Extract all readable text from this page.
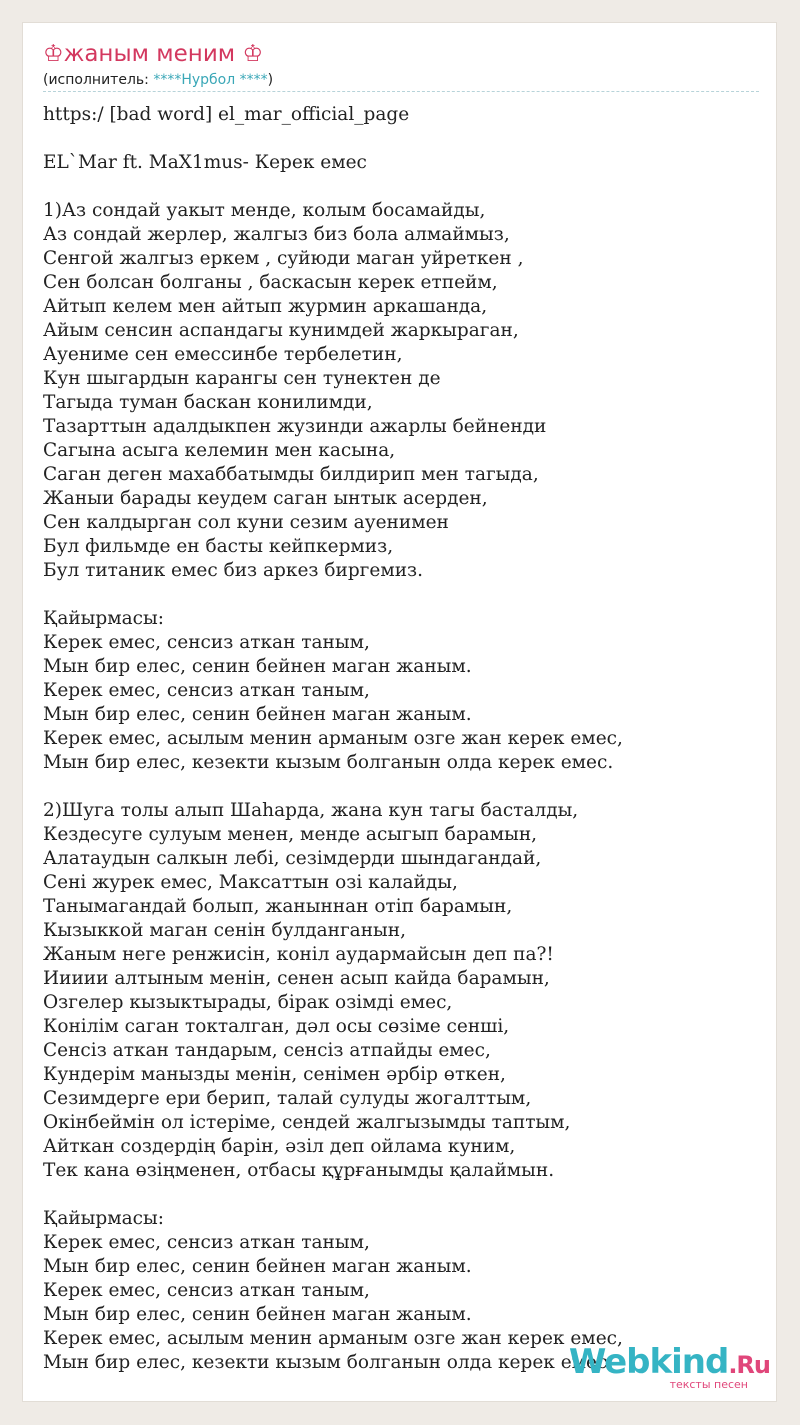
♔жаным меним ♔
(исполнитель: ****Нурбол ****)
https:/ [bad word] el_mar_official_page

EL`Mar ft. MaX1mus- Керек емес

1)Аз сондай уакыт менде, колым босамайды,
Аз сондай жерлер, жалгыз биз бола алмаймыз,
Сенгой жалгыз еркем , суйюди маган уйреткен ,
Сен болсан болганы , баскасын керек етпейм,
Айтып келем мен айтып журмин аркашанда,
Айым сенсин аспандагы кунимдей жаркыраган,
Ауениме сен емессинбе тербелетин,
Кун шыгардын карангы сен тунектен де
Тагыда туман баскан конилимди,
Тазарттын адалдыкпен жузинди ажарлы бейненди
Сагына асыга келемин мен касына,
Саган деген махаббатымды билдирип мен тагыда,
Жаныи барады кеудем саган ынтык асерден,
Сен калдырган сол куни сезим ауенимен
Бул фильмде ен басты кейпкермиз,
Бул титаник емес биз аркез биргемиз.

Қайырмасы:
Керек емес, сенсиз аткан таным,
Мын бир елес, сенин бейнен маган жаным.
Керек емес, сенсиз аткан таным,
Мын бир елес, сенин бейнен маган жаным.
Керек емес, асылым менин арманым озге жан керек емес,
Мын бир елес, кезекти кызым болганын олда керек емес.

2)Шуга толы алып Шаhарда, жана кун тагы басталды,
Кездесуге сулуым менен, менде асыгып барамын,
Алатаудын салкын лебі, сезімдерди шындагандай,
Сені журек емес, Максаттын озі калайды,
Танымагандай болып, жаныннан отіп барамын,
Кызыккой маган сенін булданганын,
Жаным неге ренжисін, коніл аудармайсын деп па?!
Иииии алтыным менін, сенен асып кайда барамын,
Озгелер кызыктырады, бірак озімді емес,
Конілім саган токталган, дәл осы сөзіме сенші,
Сенсіз аткан тандарым, сенсіз атпайды емес,
Кундерім манызды менін, сенімен әрбір өткен,
Сезимдерге ери берип, талай сулуды жогалттым,
Окінбеймін ол істеріме, сендей жалгызымды таптым,
Айткан создердің барін, әзіл деп ойлама куним,
Тек кана өзіңменен, отбасы құрғанымды қалаймын.

Қайырмасы:
Керек емес, сенсиз аткан таным,
Мын бир елес, сенин бейнен маган жаным.
Керек емес, сенсиз аткан таным,
Мын бир елес, сенин бейнен маган жаным.
Керек емес, асылым менин арманым озге жан керек емес,
Мын бир елес, кезекти кызым болганын олда керек емес.
Webkind.Ru
тексты песен
